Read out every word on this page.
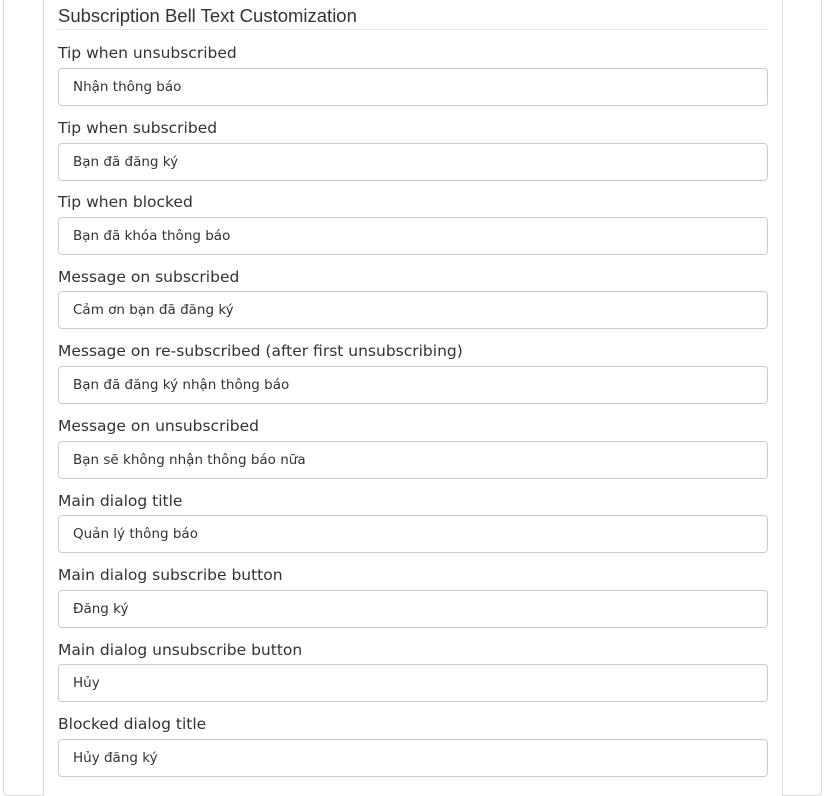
Subscription Bell Text Customization
Tip when unsubscribed
Nhận thông báo
Tip when subscribed
Bạn đã đăng ký
Tip when blocked
Bạn đã khóa thông báo
Message on subscribed
Cảm ơn bạn đã đăng ký
Message on re-subscribed (after first unsubscribing)
Bạn đã đăng ký nhận thông báo
Message on unsubscribed
Bạn sẽ không nhận thông báo nữa
Main dialog title
Quản lý thông báo
Main dialog subscribe button
Đăng ký
Main dialog unsubscribe button
Hủy
Blocked dialog title
Hủy đăng ký
